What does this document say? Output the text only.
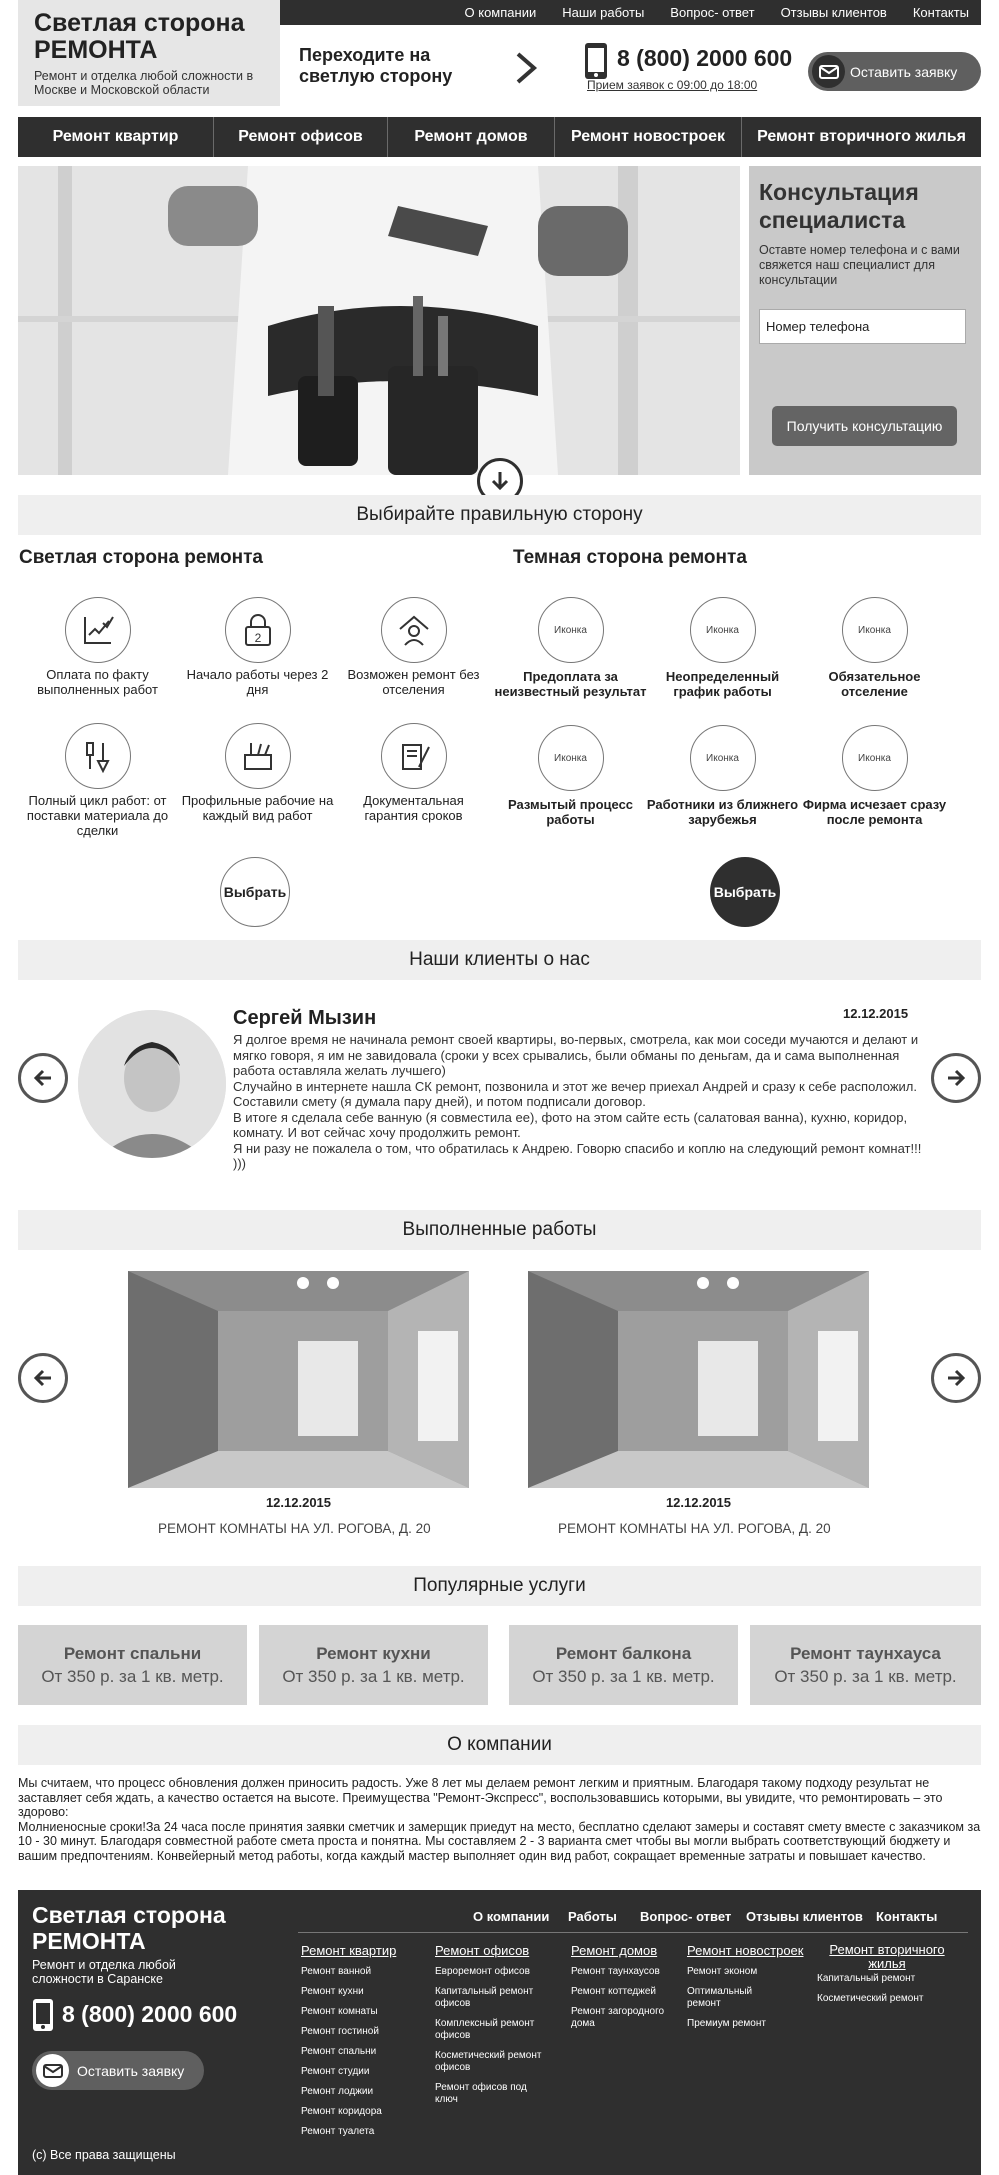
Светлая сторона РЕМОНТА
Ремонт и отделка любой сложности в Москве и Московской области
О компании Наши работы Вопрос- ответ Отзывы клиентов Контакты
Переходите на светлую сторону
8 (800) 2000 600
Прием заявок с 09:00 до 18:00
Оставить заявку
Ремонт квартир	Ремонт офисов	Ремонт домов	Ремонт новостроек	Ремонт вторичного жилья
Консультация специалиста
Оставте номер телефона и с вами свяжется наш специалист для консультации
Номер телефона
Получить консультацию
Выбирайте правильную сторону
Светлая сторона ремонта	Темная сторона ремонта
Оплата по факту выполненных работ
2
Начало работы через 2 дня
Возможен ремонт без отселения
Полный цикл работ: от поставки материала до сделки
Профильные рабочие на каждый вид работ
Документальная гарантия сроков
Выбрать
Иконка
Предоплата за неизвестный результат
Иконка
Неопределенный график работы
Иконка
Обязательное отселение
Иконка
Размытый процесс работы
Иконка
Работники из ближнего зарубежья
Иконка
Фирма исчезает сразу после ремонта
Выбрать
Наши клиенты о нас
Сергей Мызин	12.12.2015
Я долгое время не начинала ремонт своей квартиры, во-первых, смотрела, как мои соседи мучаются и делают и мягко говоря, я им не завидовала (сроки у всех срывались, были обманы по деньгам, да и сама выполненная работа оставляла желать лучшего)
Случайно в интернете нашла СК ремонт, позвонила и этот же вечер приехал Андрей и сразу к себе расположил. Составили смету (я думала пару дней), и потом подписали договор.
В итоге я сделала себе ванную (я совместила ее), фото на этом сайте есть (салатовая ванна), кухню, коридор, комнату. И вот сейчас хочу продолжить ремонт.
Я ни разу не пожалела о том, что обратилась к Андрею. Говорю спасибо и коплю на следующий ремонт комнат!!! )))
Выполненные работы
12.12.2015	12.12.2015
РЕМОНТ КОМНАТЫ НА УЛ. РОГОВА, Д. 20	РЕМОНТ КОМНАТЫ НА УЛ. РОГОВА, Д. 20
Популярные услуги
Ремонт спальни
От 350 р. за 1 кв. метр.
Ремонт кухни
От 350 р. за 1 кв. метр.
Ремонт балкона
От 350 р. за 1 кв. метр.
Ремонт таунхауса
От 350 р. за 1 кв. метр.
О компании
Мы считаем, что процесс обновления должен приносить радость. Уже 8 лет мы делаем ремонт легким и приятным. Благодаря такому подходу результат не заставляет себя ждать, а качество остается на высоте. Преимущества "Ремонт-Экспресс", воспользовавшись которыми, вы увидите, что ремонтировать – это здорово:
Молниеносные сроки!За 24 часа после принятия заявки сметчик и замерщик приедут на место, бесплатно сделают замеры и составят смету вместе с заказчиком за 10 - 30 минут. Благодаря совместной работе смета проста и понятна. Мы составляем 2 - 3 варианта смет чтобы вы могли выбрать соответствующий бюджету и вашим предпочтениям. Конвейерный метод работы, когда каждый мастер выполняет один вид работ, сокращает временные затраты и повышает качество.
Светлая сторона РЕМОНТА
Ремонт и отделка любой сложности в Саранске
8 (800) 2000 600
Оставить заявку
(c) Все права защищены
О компании Работы Вопрос- ответ Отзывы клиентов Контакты
Ремонт квартир
Ремонт ванной
Ремонт кухни
Ремонт комнаты
Ремонт гостиной
Ремонт спальни
Ремонт студии
Ремонт лоджии
Ремонт коридора
Ремонт туалета
Ремонт офисов
Евроремонт офисов
Капитальный ремонт офисов
Комплексный ремонт офисов
Косметический ремонт офисов
Ремонт офисов под ключ
Ремонт домов
Ремонт таунхаусов
Ремонт коттеджей
Ремонт загородного дома
Ремонт новостроек
Ремонт эконом
Оптимальный ремонт
Премиум ремонт
Ремонт вторичного жилья
Капитальный ремонт
Косметический ремонт
